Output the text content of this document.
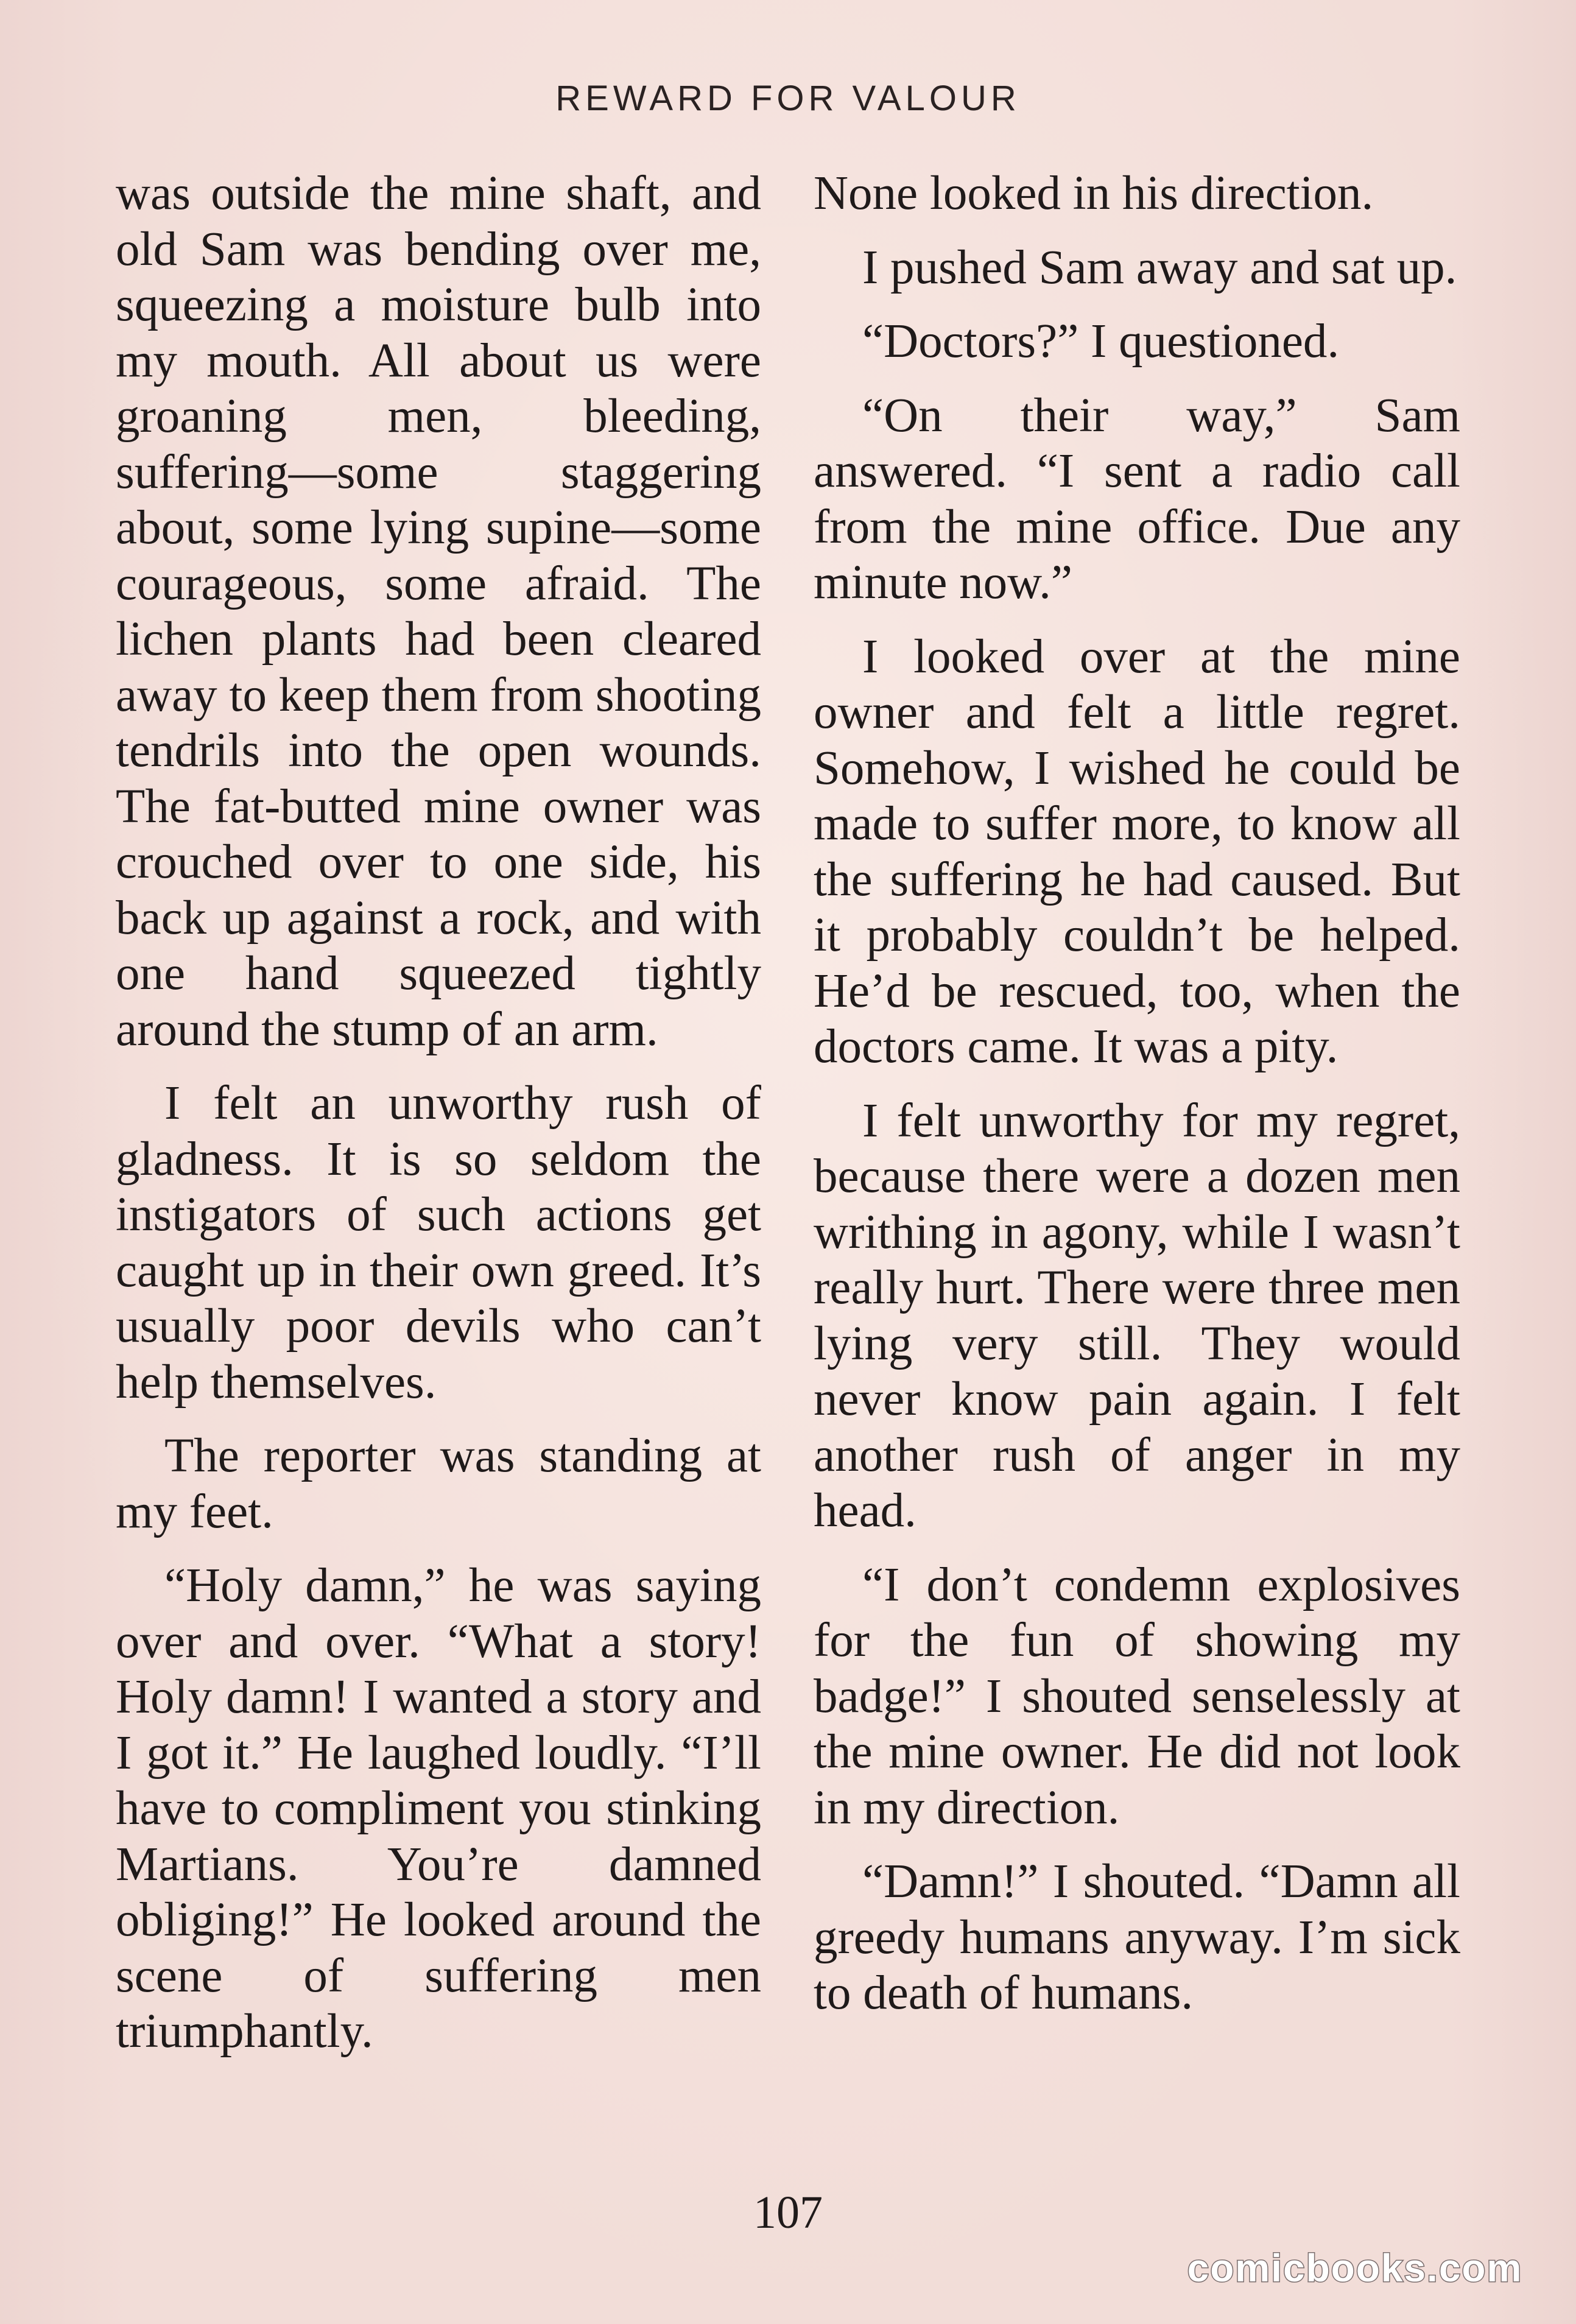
REWARD FOR VALOUR

was outside the mine shaft, and old Sam was bending over me, squeezing a moisture bulb into my mouth. All about us were groaning men, bleeding, suffering—some staggering about, some lying supine—some courageous, some afraid. The lichen plants had been cleared away to keep them from shooting tendrils into the open wounds. The fat-butted mine owner was crouched over to one side, his back up against a rock, and with one hand squeezed tightly around the stump of an arm.

I felt an unworthy rush of gladness. It is so seldom the instigators of such actions get caught up in their own greed. It’s usually poor devils who can’t help themselves.

The reporter was standing at my feet.

“Holy damn,” he was saying over and over. “What a story! Holy damn! I wanted a story and I got it.” He laughed loudly. “I’ll have to compliment you stinking Martians. You’re damned obliging!” He looked around the scene of suffering men triumphantly.

None looked in his direction.

I pushed Sam away and sat up.

“Doctors?” I questioned.

“On their way,” Sam answered. “I sent a radio call from the mine office. Due any minute now.”

I looked over at the mine owner and felt a little regret. Somehow, I wished he could be made to suffer more, to know all the suffering he had caused. But it probably couldn’t be helped. He’d be rescued, too, when the doctors came. It was a pity.

I felt unworthy for my regret, because there were a dozen men writhing in agony, while I wasn’t really hurt. There were three men lying very still. They would never know pain again. I felt another rush of anger in my head.

“I don’t condemn explosives for the fun of showing my badge!” I shouted senselessly at the mine owner. He did not look in my direction.

“Damn!” I shouted. “Damn all greedy humans anyway. I’m sick to death of humans.

107
comicbooks.com
